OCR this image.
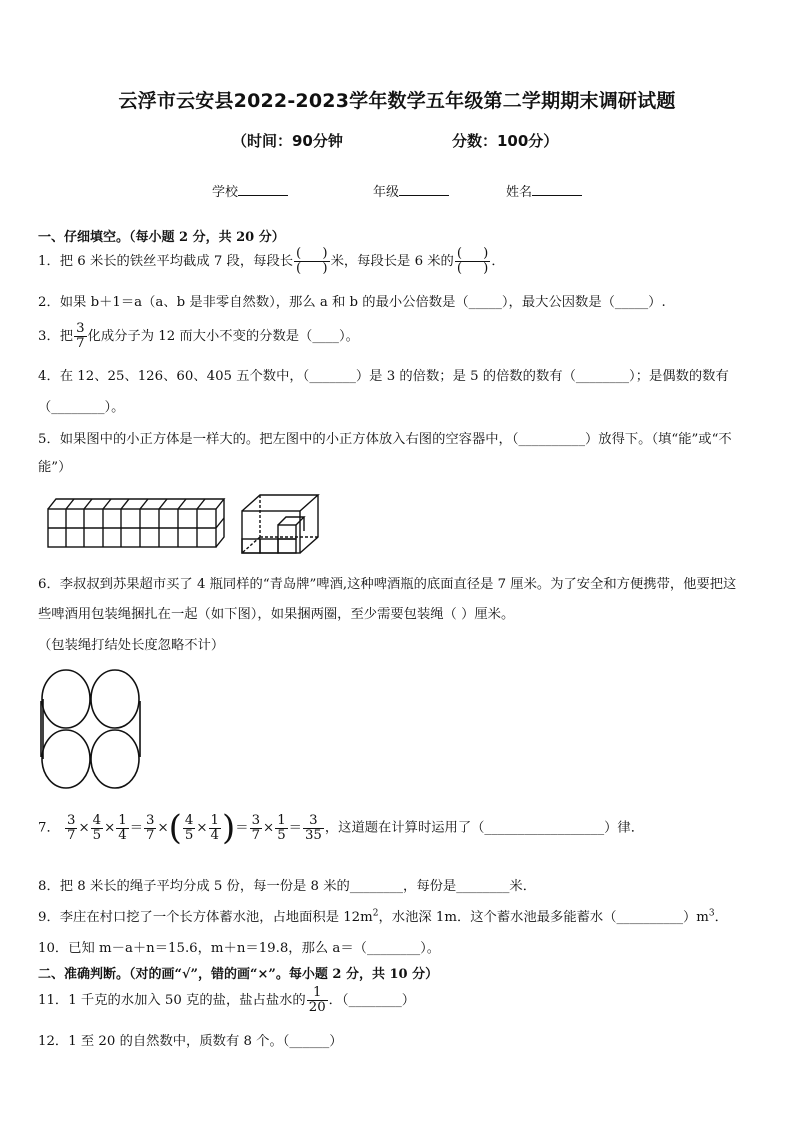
云浮市云安县2022-2023学年数学五年级第二学期期末调研试题
（时间：90分钟	分数：100分）
学校	年级	姓名
一、仔细填空。（每小题 2 分，共 20 分）
1．把 6 米长的铁丝平均截成 7 段，每段长 $\frac{( )}{( )}$ 米，每段长是 6 米的 $\frac{( )}{( )}$ ．
2．如果 b＋1＝a（a、b 是非零自然数），那么 a 和 b 的最小公倍数是（_____），最大公因数是（_____）.
3．把 $\frac{3}{7}$ 化成分子为 12 而大小不变的分数是（____）。
4．在 12、25、126、60、405 五个数中，（_______）是 3 的倍数；是 5 的倍数的数有（________）；是偶数的数有
（________）。
5．如果图中的小正方体是一样大的。把左图中的小正方体放入右图的空容器中，（__________）放得下。（填“能”或“不
能”）
6．李叔叔到苏果超市买了 4 瓶同样的“青岛牌”啤酒,这种啤酒瓶的底面直径是 7 厘米。为了安全和方便携带，他要把这
些啤酒用包装绳捆扎在一起（如下图），如果捆两圈，至少需要包装绳（ ）厘米。
（包装绳打结处长度忽略不计）
7． $\frac{3}{7} \times \frac{4}{5} \times \frac{1}{4} = \frac{3}{7}$ ×( $\frac{4}{5} \times \frac{1}{4}$ )＝ $\frac{3}{7} \times \frac{1}{5} = \frac{3}{35}$ ，这道题在计算时运用了（__________________）律．
8．把 8 米长的绳子平均分成 5 份，每一份是 8 米的________，每份是________米．
9．李庄在村口挖了一个长方体蓄水池，占地面积是 $12m^2$，水池深 1m．这个蓄水池最多能蓄水$(\_\_\_\_\_\_\_\_\_\_)m^3$．
10．已知 m－a＋n＝15.6，m＋n＝19.8，那么 a＝（________）。
二、准确判断。（对的画“√”，错的画“×”。每小题 2 分，共 10 分）
11．1 千克的水加入 50 克的盐，盐占盐水的 $\frac{1}{20}$ ．（________）
12．1 至 20 的自然数中，质数有 8 个。（______）
